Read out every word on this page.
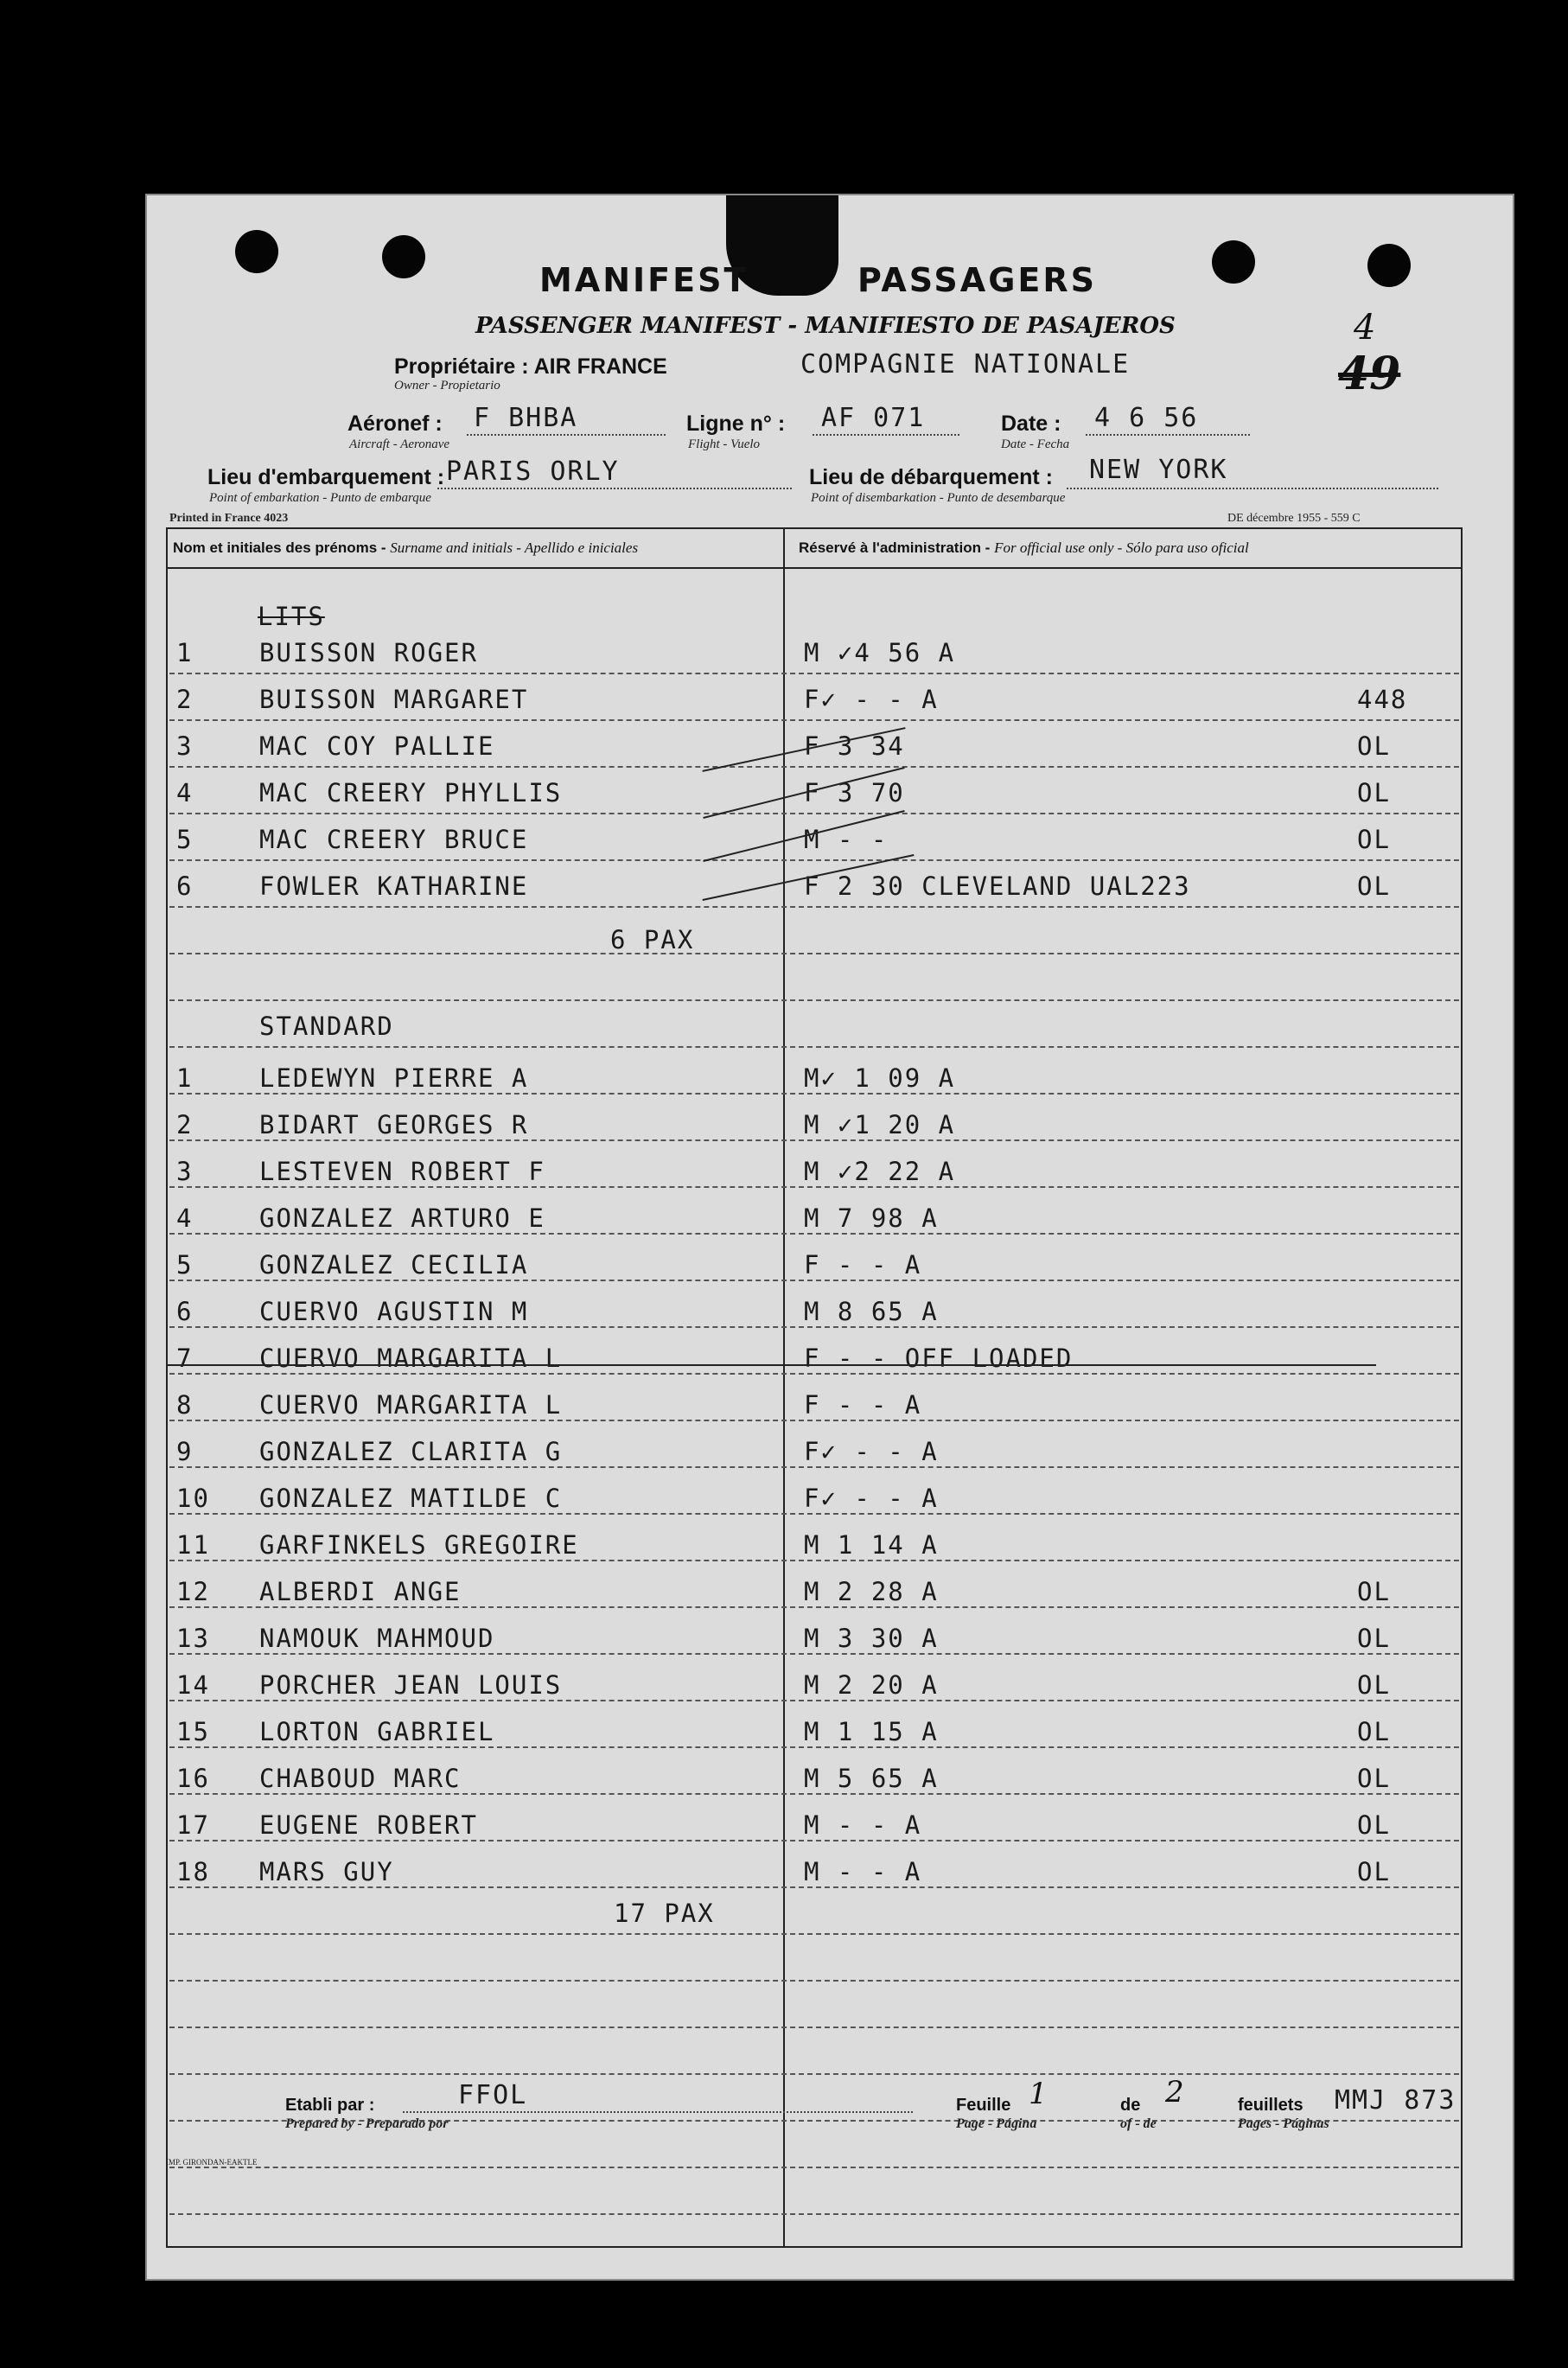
MANIFEST	PASSAGERS
PASSENGER MANIFEST - MANIFIESTO DE PASAJEROS
Propriétaire : AIR FRANCE
Owner - Propietario
COMPAGNIE NATIONALE
4
49
Aéronef :
Aircraft - Aeronave
F BHBA	Ligne n° :
Flight - Vuelo
AF 071	Date :
Date - Fecha
4 6 56
Lieu d'embarquement :
Point of embarkation - Punto de embarque
PARIS ORLY	Lieu de débarquement :
Point of disembarkation - Punto de desembarque
NEW YORK
Printed in France 4023	DE décembre 1955 - 559 C
Nom et initiales des prénoms - Surname and initials - Apellido e iniciales	Réservé à l'administration - For official use only - Sólo para uso oficial
LITS
1	BUISSON ROGER	M ✓4 56 A
2	BUISSON MARGARET	F✓ - - A	448
3	MAC COY PALLIE	F 3 34	OL
4	MAC CREERY PHYLLIS	F 3 70	OL
5	MAC CREERY BRUCE	M - -	OL
6	FOWLER KATHARINE	F 2 30 CLEVELAND UAL223	OL
6 PAX
STANDARD
1	LEDEWYN PIERRE A	M✓ 1 09 A
2	BIDART GEORGES R	M ✓1 20 A
3	LESTEVEN ROBERT F	M ✓2 22 A
4	GONZALEZ ARTURO E	M 7 98 A
5	GONZALEZ CECILIA	F - - A
6	CUERVO AGUSTIN M	M 8 65 A
7	CUERVO MARGARITA L	F - - OFF LOADED
8	CUERVO MARGARITA L	F - - A
9	GONZALEZ CLARITA G	F✓ - - A
10 GONZALEZ MATILDE C	F✓ - - A
11 GARFINKELS GREGOIRE	M 1 14 A
12 ALBERDI ANGE	M 2 28 A	OL
13 NAMOUK MAHMOUD	M 3 30 A	OL
14 PORCHER JEAN LOUIS	M 2 20 A	OL
15 LORTON GABRIEL	M 1 15 A	OL
16 CHABOUD MARC	M 5 65 A	OL
17 EUGENE ROBERT	M - - A	OL
18 MARS GUY	M - - A	OL
17 PAX
Etabli par :
Prepared by - Preparado por
FFOL	Feuille
Page - Página
1	de
of - de
2	feuillets
Pages - Páginas
MMJ 873
IMP. GIRONDAN-EAKTLE
